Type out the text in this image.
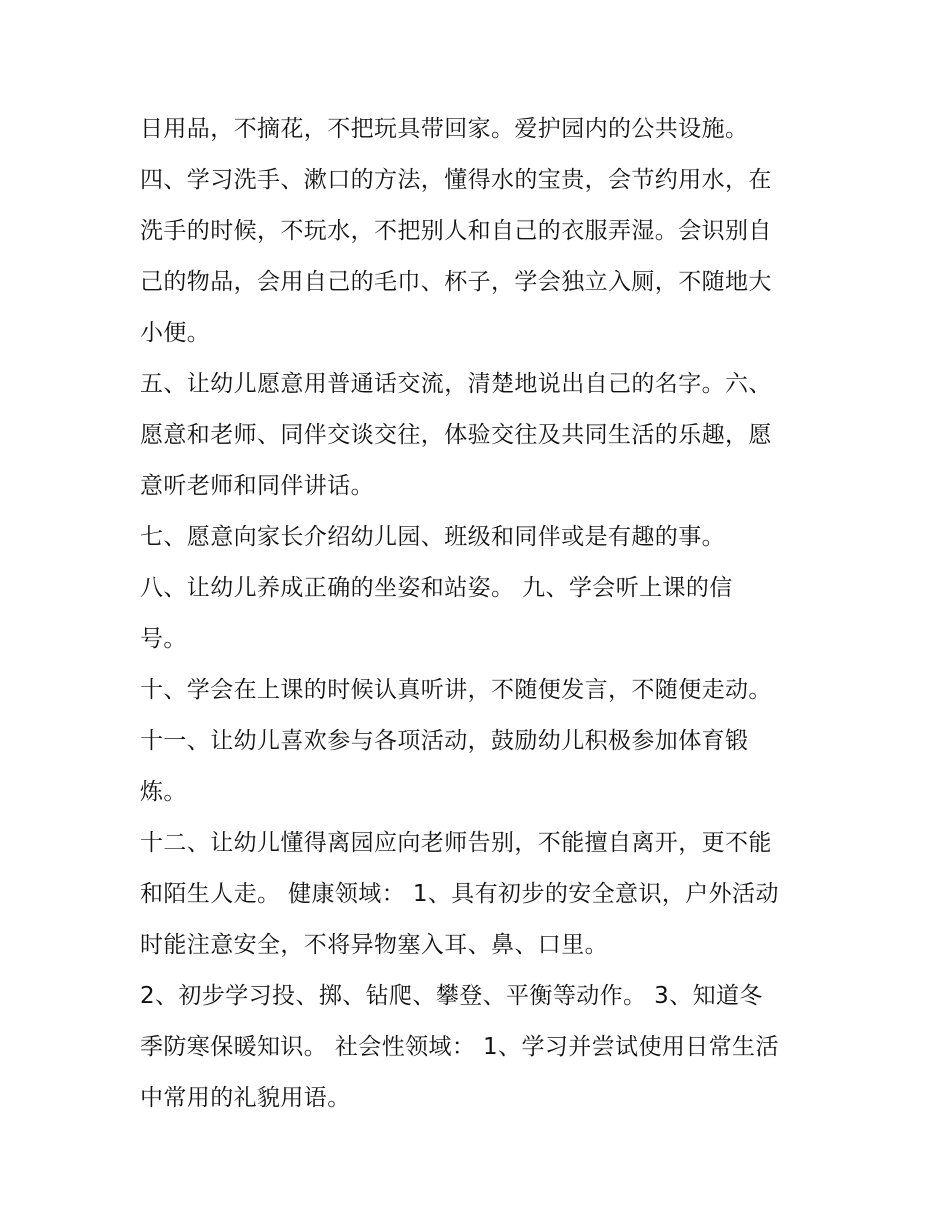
日用品，不摘花，不把玩具带回家。爱护园内的公共设施。
四、学习洗手、漱口的方法，懂得水的宝贵，会节约用水，在
洗手的时候，不玩水，不把别人和自己的衣服弄湿。会识别自
己的物品，会用自己的毛巾、杯子，学会独立入厕，不随地大
小便。
五、让幼儿愿意用普通话交流，清楚地说出自己的名字。六、
愿意和老师、同伴交谈交往，体验交往及共同生活的乐趣，愿
意听老师和同伴讲话。
七、愿意向家长介绍幼儿园、班级和同伴或是有趣的事。
八、让幼儿养成正确的坐姿和站姿。 九、学会听上课的信
号。
十、学会在上课的时候认真听讲，不随便发言，不随便走动。
十一、让幼儿喜欢参与各项活动，鼓励幼儿积极参加体育锻
炼。
十二、让幼儿懂得离园应向老师告别，不能擅自离开，更不能
和陌生人走。 健康领域： 1、具有初步的安全意识，户外活动
时能注意安全，不将异物塞入耳、鼻、口里。
2、初步学习投、掷、钻爬、攀登、平衡等动作。 3、知道冬
季防寒保暖知识。 社会性领域： 1、学习并尝试使用日常生活
中常用的礼貌用语。
